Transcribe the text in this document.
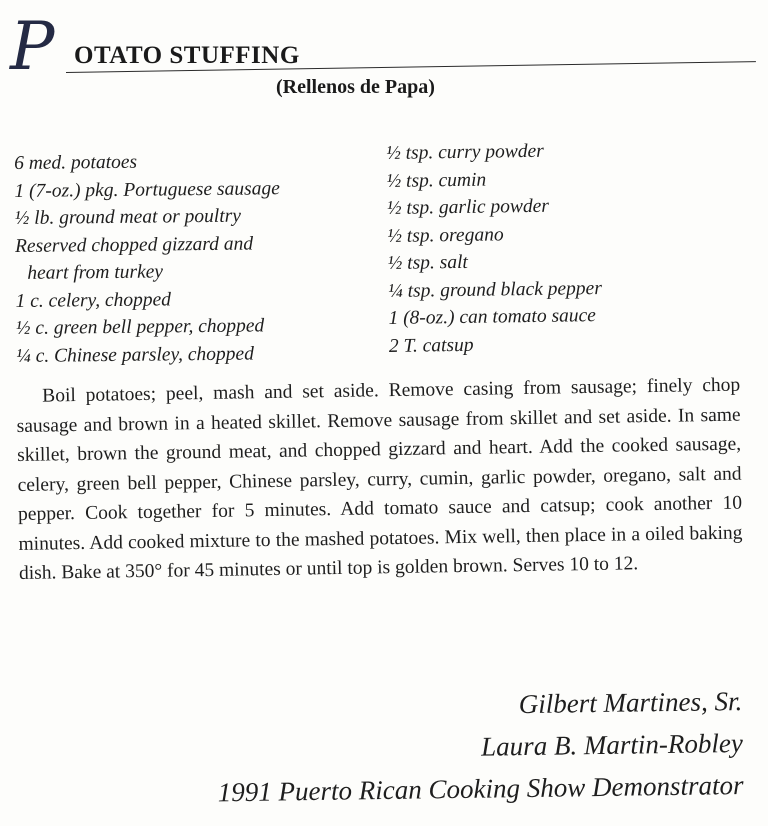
P OTATO STUFFING
(Rellenos de Papa)
6 med. potatoes
1 (7-oz.) pkg. Portuguese sausage
½ lb. ground meat or poultry
Reserved chopped gizzard and
heart from turkey
1 c. celery, chopped
½ c. green bell pepper, chopped
¼ c. Chinese parsley, chopped
½ tsp. curry powder
½ tsp. cumin
½ tsp. garlic powder
½ tsp. oregano
½ tsp. salt
¼ tsp. ground black pepper
1 (8-oz.) can tomato sauce
2 T. catsup
Boil potatoes; peel, mash and set aside. Remove casing from sausage; finely chop sausage and brown in a heated skillet. Remove sausage from skillet and set aside. In same skillet, brown the ground meat, and chopped gizzard and heart. Add the cooked sausage, celery, green bell pepper, Chinese parsley, curry, cumin, garlic powder, oregano, salt and pepper. Cook together for 5 minutes. Add tomato sauce and catsup; cook another 10 minutes. Add cooked mixture to the mashed potatoes. Mix well, then place in a oiled baking dish. Bake at 350° for 45 minutes or until top is golden brown. Serves 10 to 12.
Gilbert Martines, Sr.
Laura B. Martin-Robley
1991 Puerto Rican Cooking Show Demonstrator
